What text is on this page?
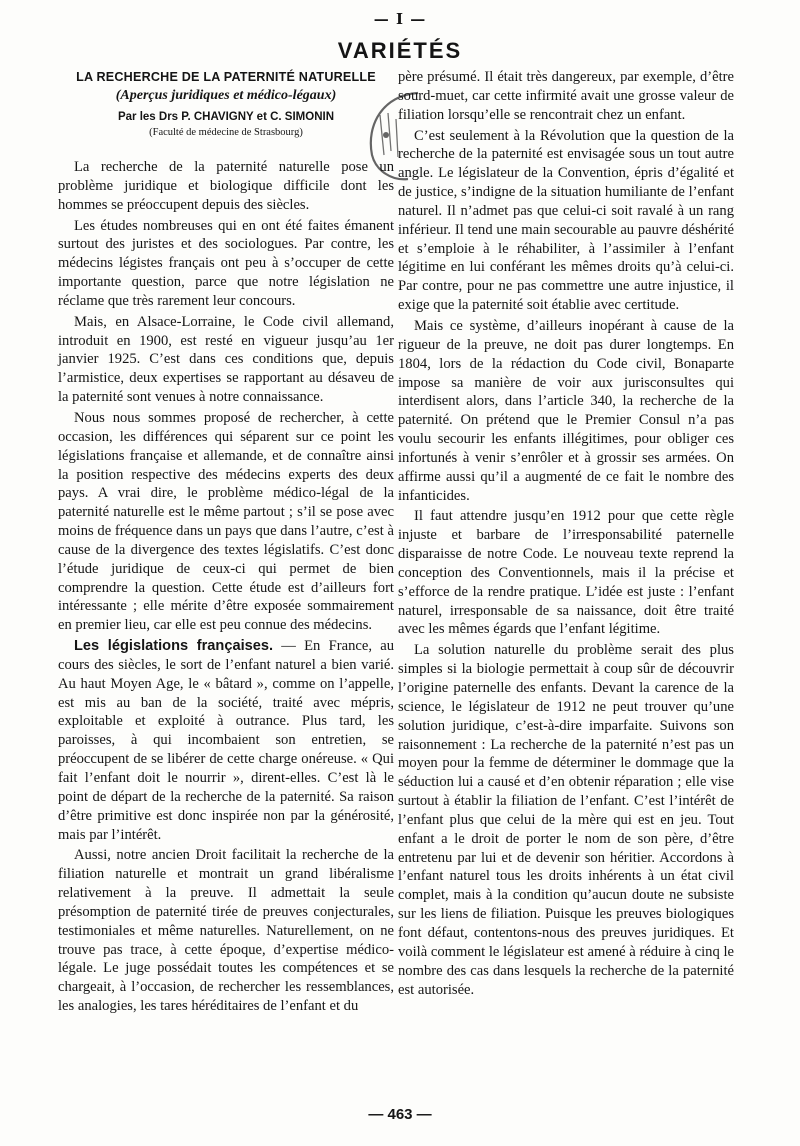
— I —
VARIÉTÉS
LA RECHERCHE DE LA PATERNITÉ NATURELLE
(Aperçus juridiques et médico-légaux)
Par les Drs P. CHAVIGNY et C. SIMONIN
(Faculté de médecine de Strasbourg)

La recherche de la paternité naturelle pose un problème juridique et biologique difficile dont les hommes se préoccupent depuis des siècles.

Les études nombreuses qui en ont été faites émanent surtout des juristes et des sociologues. Par contre, les médecins légistes français ont peu à s’occuper de cette importante question, parce que notre législation ne réclame que très rarement leur concours.

Mais, en Alsace-Lorraine, le Code civil allemand, introduit en 1900, est resté en vigueur jusqu’au 1er janvier 1925. C’est dans ces conditions que, depuis l’armistice, deux expertises se rapportant au désaveu de la paternité sont venues à notre connaissance.

Nous nous sommes proposé de rechercher, à cette occasion, les différences qui séparent sur ce point les législations française et allemande, et de connaître ainsi la position respective des médecins experts des deux pays. A vrai dire, le problème médico-légal de la paternité naturelle est le même partout ; s’il se pose avec moins de fréquence dans un pays que dans l’autre, c’est à cause de la divergence des textes législatifs. C’est donc l’étude juridique de ceux-ci qui permet de bien comprendre la question. Cette étude est d’ailleurs fort intéressante ; elle mérite d’être exposée sommairement en premier lieu, car elle est peu connue des médecins.

Les législations françaises. — En France, au cours des siècles, le sort de l’enfant naturel a bien varié. Au haut Moyen Age, le « bâtard », comme on l’appelle, est mis au ban de la société, traité avec mépris, exploitable et exploité à outrance. Plus tard, les paroisses, à qui incombaient son entretien, se préoccupent de se libérer de cette charge onéreuse. « Qui fait l’enfant doit le nourrir », dirent-elles. C’est là le point de départ de la recherche de la paternité. Sa raison d’être primitive est donc inspirée non par la générosité, mais par l’intérêt.

Aussi, notre ancien Droit facilitait la recherche de la filiation naturelle et montrait un grand libéralisme relativement à la preuve. Il admettait la seule présomption de paternité tirée de preuves conjecturales, testimoniales et même naturelles. Naturellement, on ne trouve pas trace, à cette époque, d’expertise médico-légale. Le juge possédait toutes les compétences et se chargeait, à l’occasion, de rechercher les ressemblances, les analogies, les tares héréditaires de l’enfant et du

père présumé. Il était très dangereux, par exemple, d’être sourd-muet, car cette infirmité avait une grosse valeur de filiation lorsqu’elle se rencontrait chez un enfant.

C’est seulement à la Révolution que la question de la recherche de la paternité est envisagée sous un tout autre angle. Le législateur de la Convention, épris d’égalité et de justice, s’indigne de la situation humiliante de l’enfant naturel. Il n’admet pas que celui-ci soit ravalé à un rang inférieur. Il tend une main secourable au pauvre déshérité et s’emploie à le réhabiliter, à l’assimiler à l’enfant légitime en lui conférant les mêmes droits qu’à celui-ci. Par contre, pour ne pas commettre une autre injustice, il exige que la paternité soit établie avec certitude.

Mais ce système, d’ailleurs inopérant à cause de la rigueur de la preuve, ne doit pas durer longtemps. En 1804, lors de la rédaction du Code civil, Bonaparte impose sa manière de voir aux jurisconsultes qui interdisent alors, dans l’article 340, la recherche de la paternité. On prétend que le Premier Consul n’a pas voulu secourir les enfants illégitimes, pour obliger ces infortunés à venir s’enrôler et à grossir ses armées. On affirme aussi qu’il a augmenté de ce fait le nombre des infanticides.

Il faut attendre jusqu’en 1912 pour que cette règle injuste et barbare de l’irresponsabilité paternelle disparaisse de notre Code. Le nouveau texte reprend la conception des Conventionnels, mais il la précise et s’efforce de la rendre pratique. L’idée est juste : l’enfant naturel, irresponsable de sa naissance, doit être traité avec les mêmes égards que l’enfant légitime.

La solution naturelle du problème serait des plus simples si la biologie permettait à coup sûr de découvrir l’origine paternelle des enfants. Devant la carence de la science, le législateur de 1912 ne peut trouver qu’une solution juridique, c’est-à-dire imparfaite. Suivons son raisonnement : La recherche de la paternité n’est pas un moyen pour la femme de déterminer le dommage que la séduction lui a causé et d’en obtenir réparation ; elle vise surtout à établir la filiation de l’enfant. C’est l’intérêt de l’enfant plus que celui de la mère qui est en jeu. Tout enfant a le droit de porter le nom de son père, d’être entretenu par lui et de devenir son héritier. Accordons à l’enfant naturel tous les droits inhérents à un état civil complet, mais à la condition qu’aucun doute ne subsiste sur les liens de filiation. Puisque les preuves biologiques font défaut, contentons-nous des preuves juridiques. Et voilà comment le législateur est amené à réduire à cinq le nombre des cas dans lesquels la recherche de la paternité est autorisée.

— 463 —
